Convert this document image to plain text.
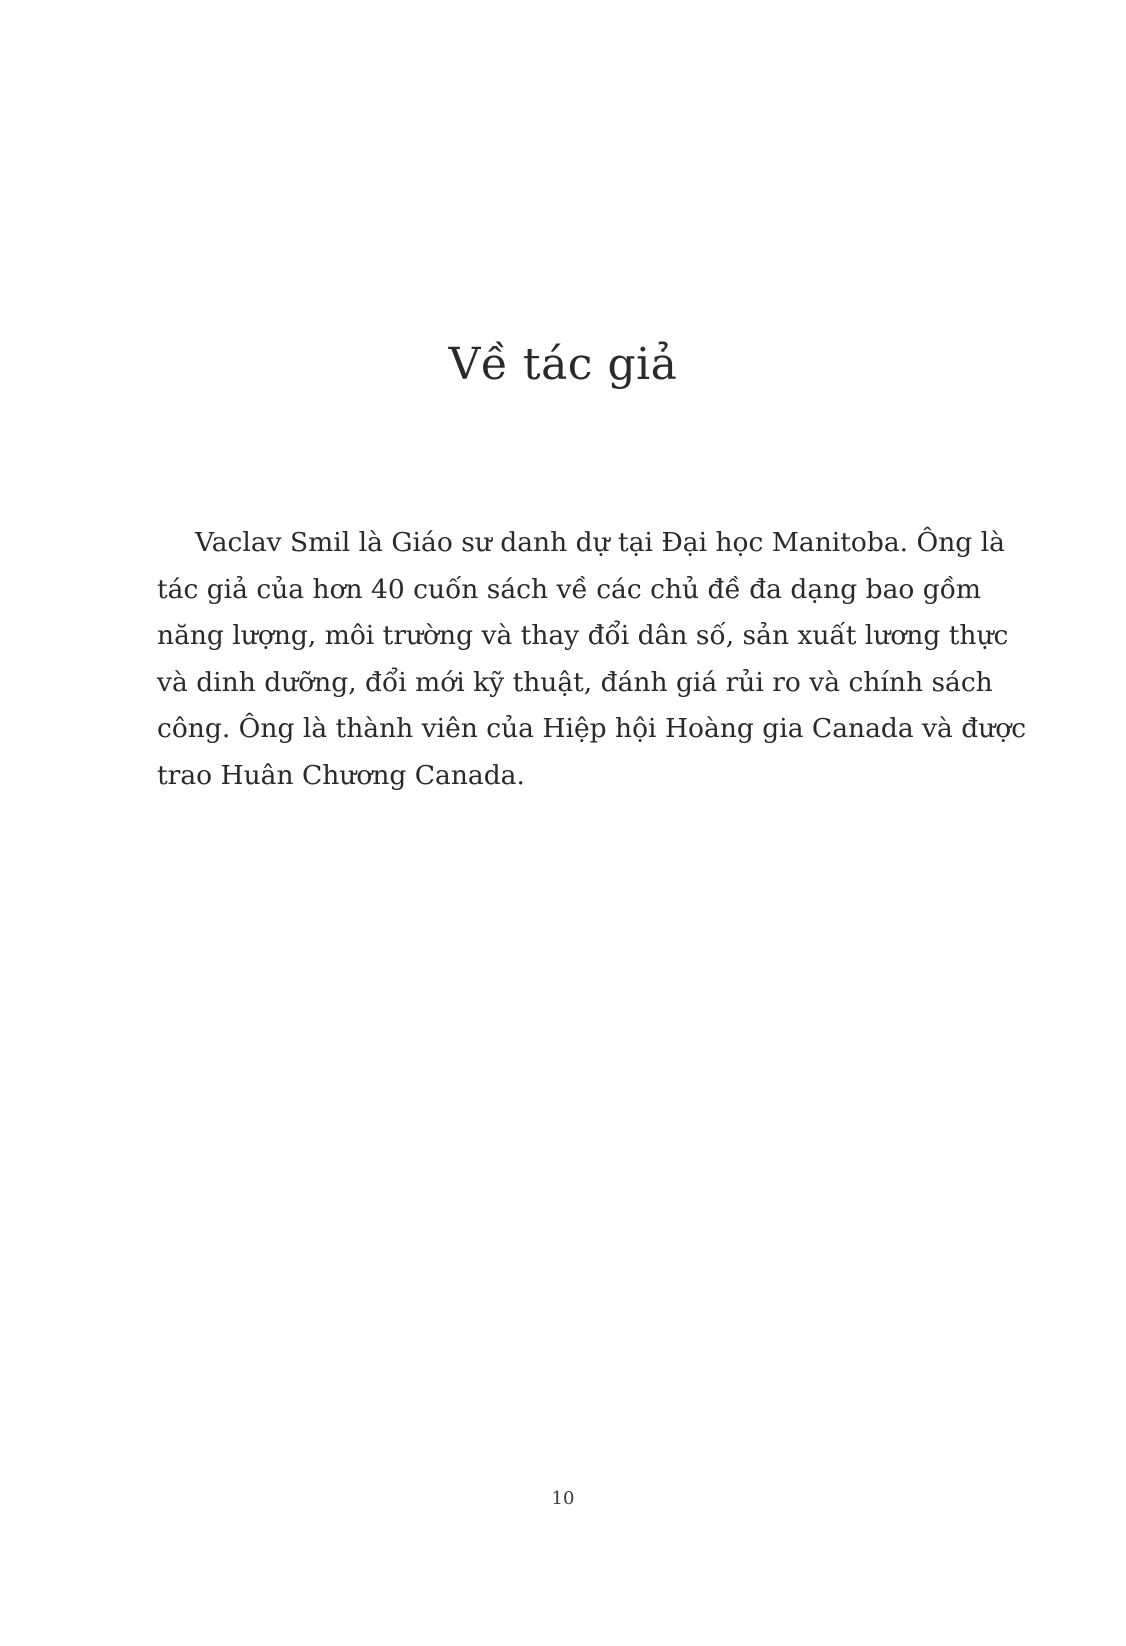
Về tác giả
Vaclav Smil là Giáo sư danh dự tại Đại học Manitoba. Ông là
tác giả của hơn 40 cuốn sách về các chủ đề đa dạng bao gồm
năng lượng, môi trường và thay đổi dân số, sản xuất lương thực
và dinh dưỡng, đổi mới kỹ thuật, đánh giá rủi ro và chính sách
công. Ông là thành viên của Hiệp hội Hoàng gia Canada và được
trao Huân Chương Canada.
10
